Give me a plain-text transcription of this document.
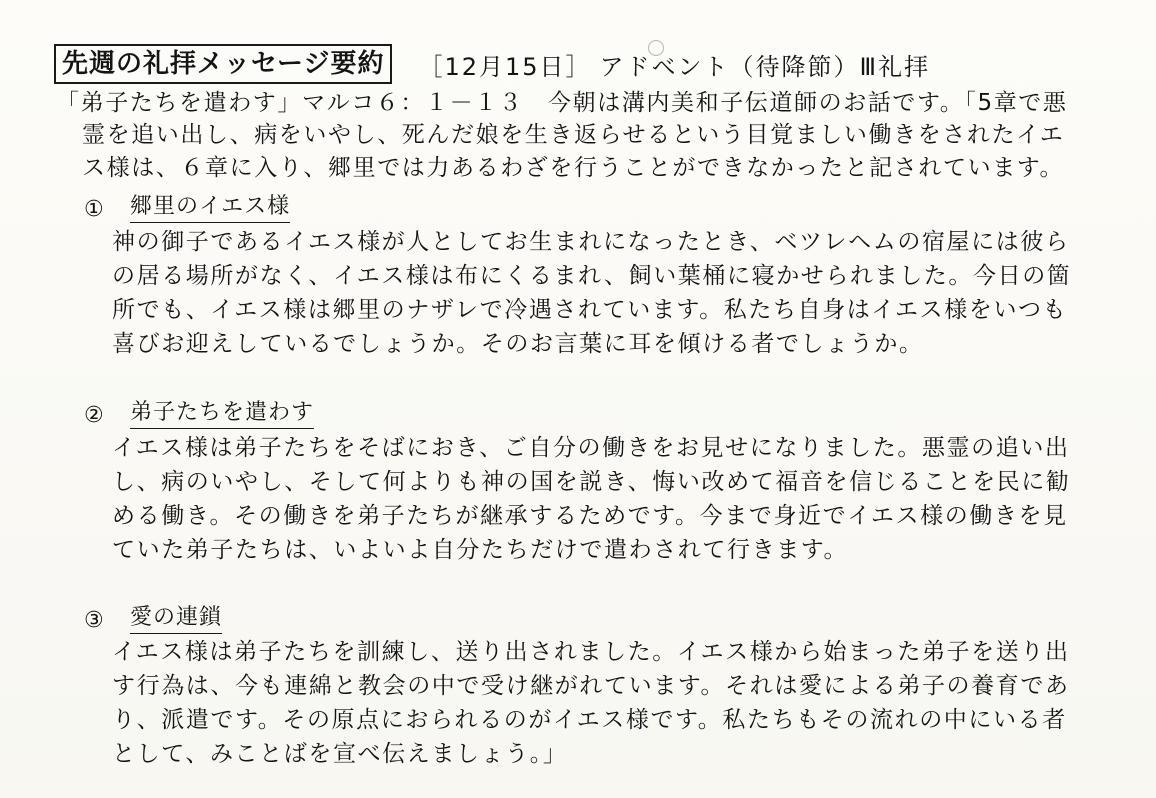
先週の礼拝メッセージ要約	［12月15日］ アドベント（待降節）Ⅲ礼拝
「弟子たちを遣わす」マルコ６：１－１３　今朝は溝内美和子伝道師のお話です。「5章で悪
霊を追い出し、病をいやし、死んだ娘を生き返らせるという目覚ましい働きをされたイエ
ス様は、６章に入り、郷里では力あるわざを行うことができなかったと記されています。
①	郷里のイエス様
神の御子であるイエス様が人としてお生まれになったとき、ベツレヘムの宿屋には彼ら
の居る場所がなく、イエス様は布にくるまれ、飼い葉桶に寝かせられました。今日の箇
所でも、イエス様は郷里のナザレで冷遇されています。私たち自身はイエス様をいつも
喜びお迎えしているでしょうか。そのお言葉に耳を傾ける者でしょうか。
②	弟子たちを遣わす
イエス様は弟子たちをそばにおき、ご自分の働きをお見せになりました。悪霊の追い出
し、病のいやし、そして何よりも神の国を説き、悔い改めて福音を信じることを民に勧
める働き。その働きを弟子たちが継承するためです。今まで身近でイエス様の働きを見
ていた弟子たちは、いよいよ自分たちだけで遣わされて行きます。
③	愛の連鎖
イエス様は弟子たちを訓練し、送り出されました。イエス様から始まった弟子を送り出
す行為は、今も連綿と教会の中で受け継がれています。それは愛による弟子の養育であ
り、派遣です。その原点におられるのがイエス様です。私たちもその流れの中にいる者
として、みことばを宣べ伝えましょう。」
